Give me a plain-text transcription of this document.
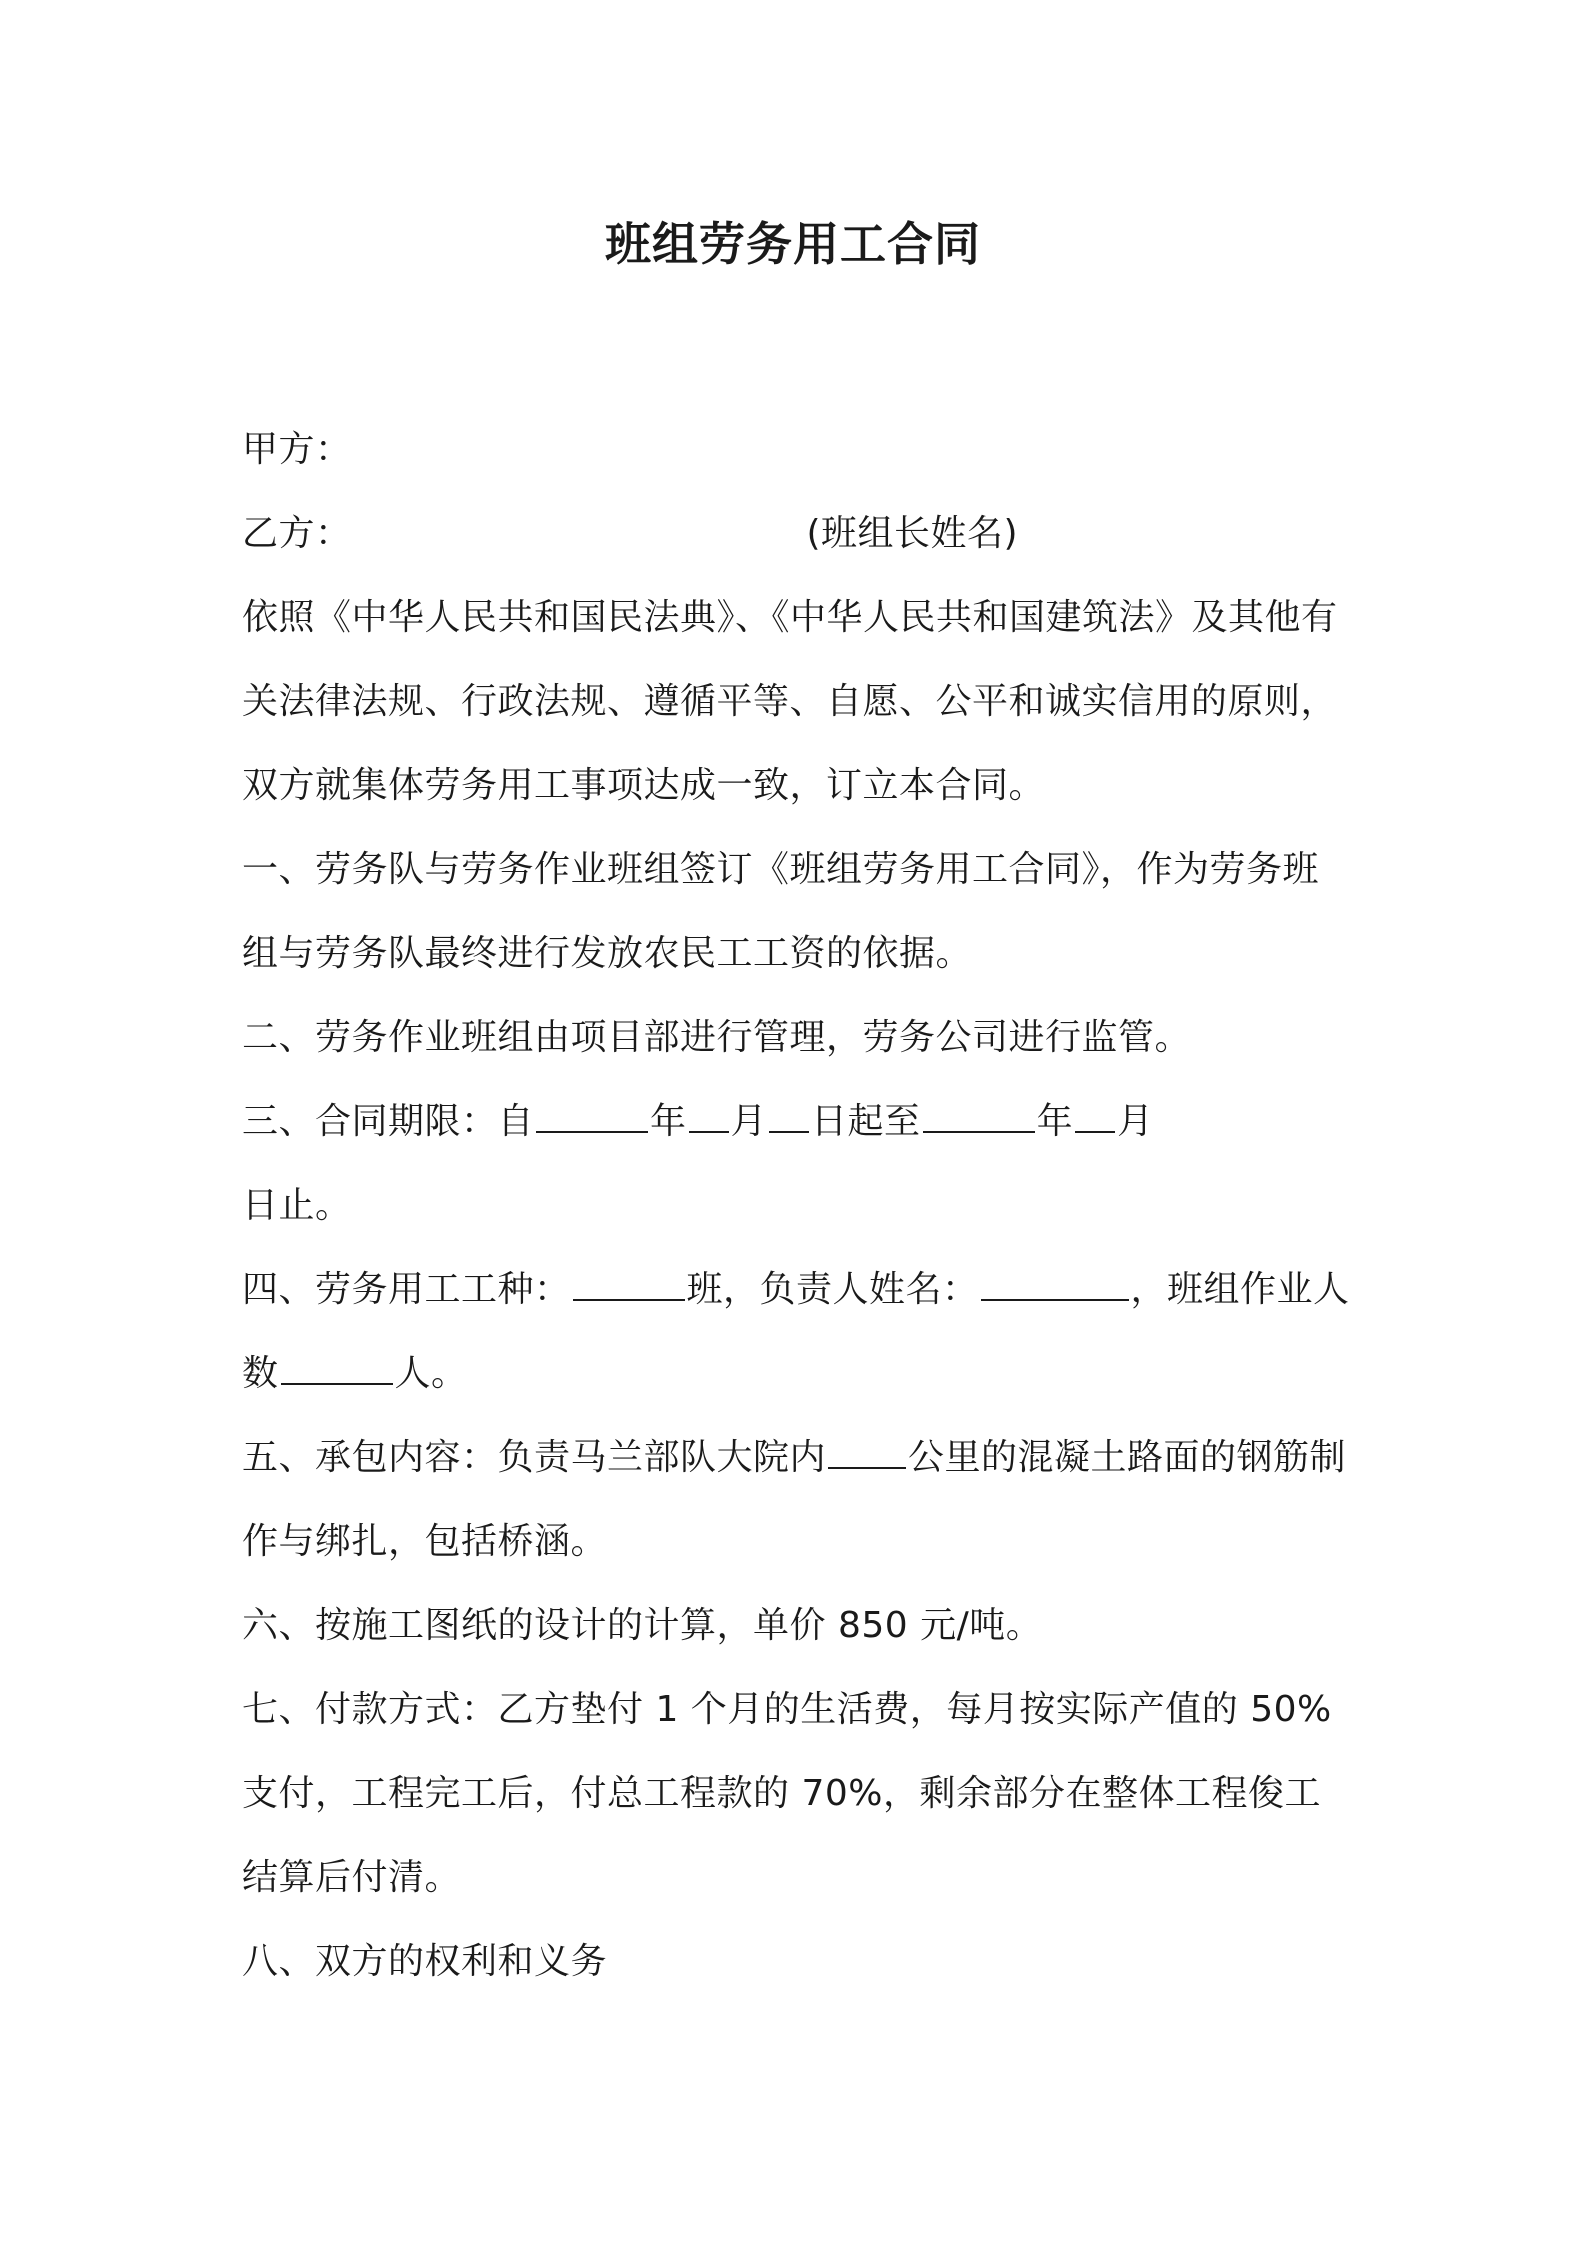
班组劳务用工合同
甲方：
乙方：	(班组长姓名)
依照《中华人民共和国民法典》、《中华人民共和国建筑法》及其他有
关法律法规、行政法规、遵循平等、自愿、公平和诚实信用的原则，
双方就集体劳务用工事项达成一致，订立本合同。
一、劳务队与劳务作业班组签订《班组劳务用工合同》，作为劳务班
组与劳务队最终进行发放农民工工资的依据。
二、劳务作业班组由项目部进行管理，劳务公司进行监管。
三、合同期限：自	年 月 日起至	年 月
日止。
四、劳务用工工种：	班，负责人姓名：	，班组作业人
数	人。
五、承包内容：负责马兰部队大院内 公里的混凝土路面的钢筋制
作与绑扎，包括桥涵。
六、按施工图纸的设计的计算，单价 850 元/吨。
七、付款方式：乙方垫付 1 个月的生活费，每月按实际产值的 50%
支付，工程完工后，付总工程款的 70%，剩余部分在整体工程俊工
结算后付清。
八、双方的权利和义务
